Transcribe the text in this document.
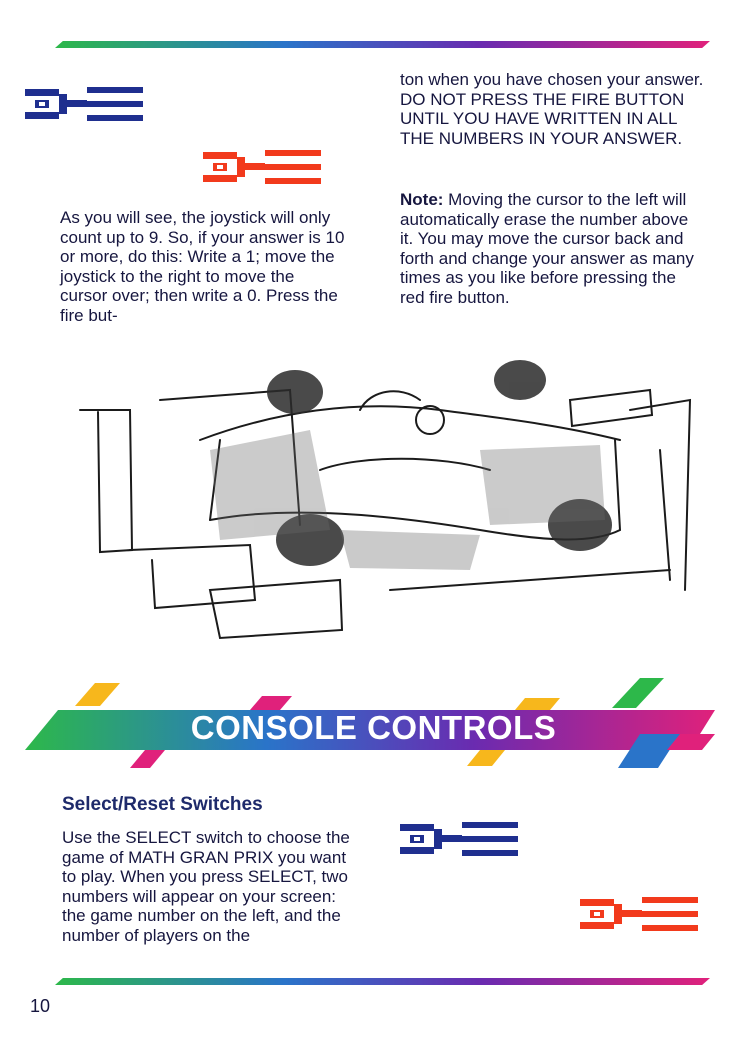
As you will see, the joystick will only count up to 9. So, if your answer is 10 or more, do this: Write a 1; move the joystick to the right to move the cursor over; then write a 0. Press the fire but-

ton when you have chosen your answer. DO NOT PRESS THE FIRE BUTTON UNTIL YOU HAVE WRITTEN IN ALL THE NUMBERS IN YOUR ANSWER.

Note: Moving the cursor to the left will automatically erase the number above it. You may move the cursor back and forth and change your answer as many times as you like before pressing the red fire button.

CONSOLE CONTROLS
Select/Reset Switches

Use the SELECT switch to choose the game of MATH GRAN PRIX you want to play. When you press SELECT, two numbers will appear on your screen: the game number on the left, and the number of players on the

10
